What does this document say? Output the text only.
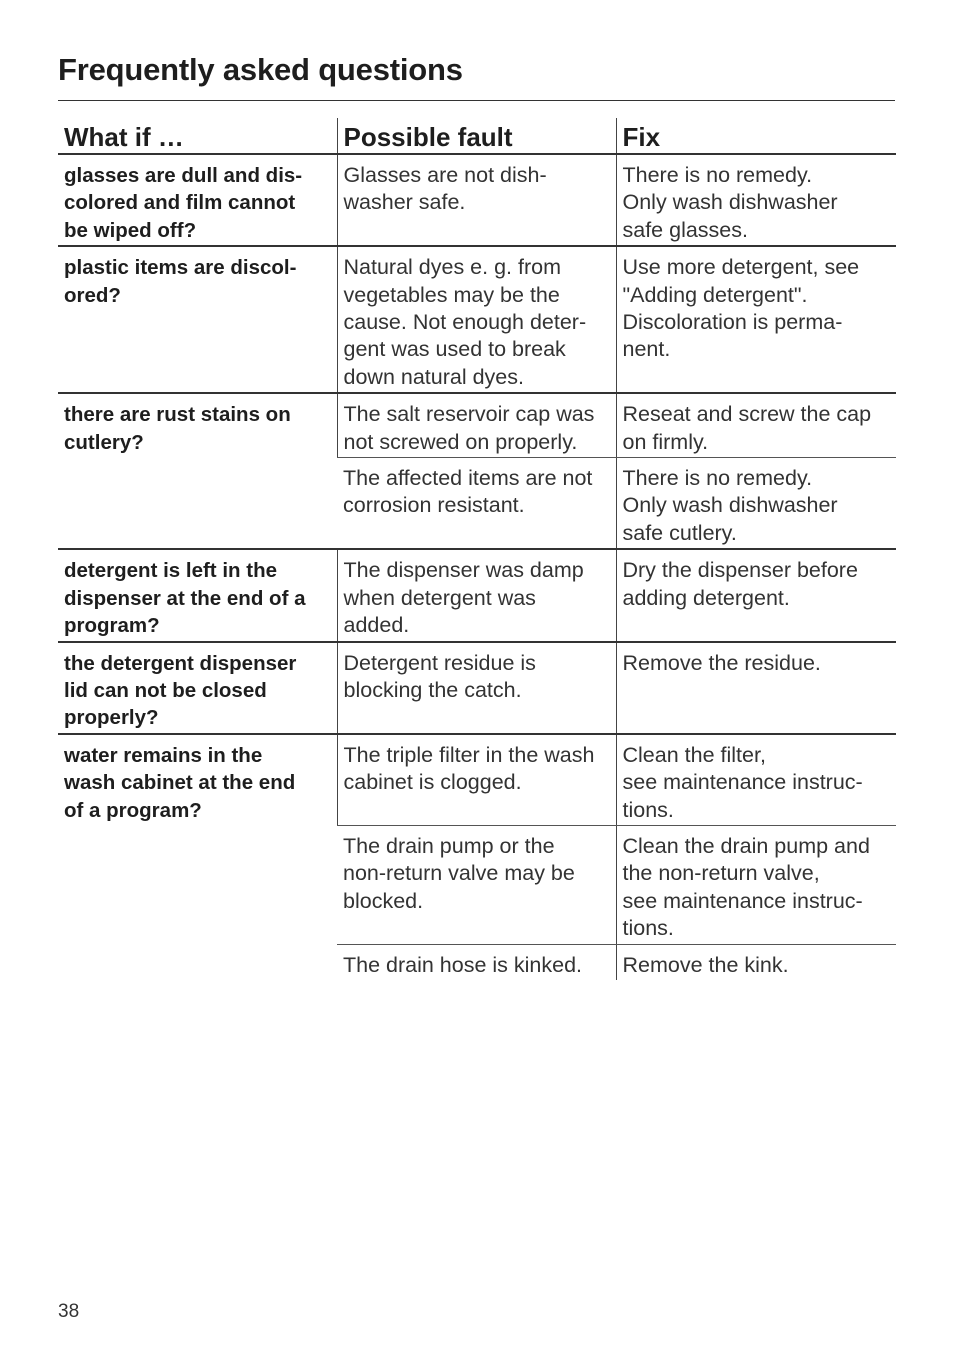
Frequently asked questions
What if …	Possible fault	Fix

glasses are dull and dis-
colored and film cannot
be wiped off?	Glasses are not dish-
washer safe.	There is no remedy.
Only wash dishwasher
safe glasses.

plastic items are discol-
ored?	Natural dyes e. g. from
vegetables may be the
cause. Not enough deter-
gent was used to break
down natural dyes.	Use more detergent, see
"Adding detergent".
Discoloration is perma-
nent.

there are rust stains on
cutlery?	The salt reservoir cap was
not screwed on properly.	Reseat and screw the cap
on firmly.

	The affected items are not
corrosion resistant.	There is no remedy.
Only wash dishwasher
safe cutlery.

detergent is left in the
dispenser at the end of a
program?	The dispenser was damp
when detergent was
added.	Dry the dispenser before
adding detergent.

the detergent dispenser
lid can not be closed
properly?	Detergent residue is
blocking the catch.	Remove the residue.

water remains in the
wash cabinet at the end
of a program?	The triple filter in the wash
cabinet is clogged.	Clean the filter,
see maintenance instruc-
tions.

	The drain pump or the
non-return valve may be
blocked.	Clean the drain pump and
the non-return valve,
see maintenance instruc-
tions.

	The drain hose is kinked.	Remove the kink.
38
